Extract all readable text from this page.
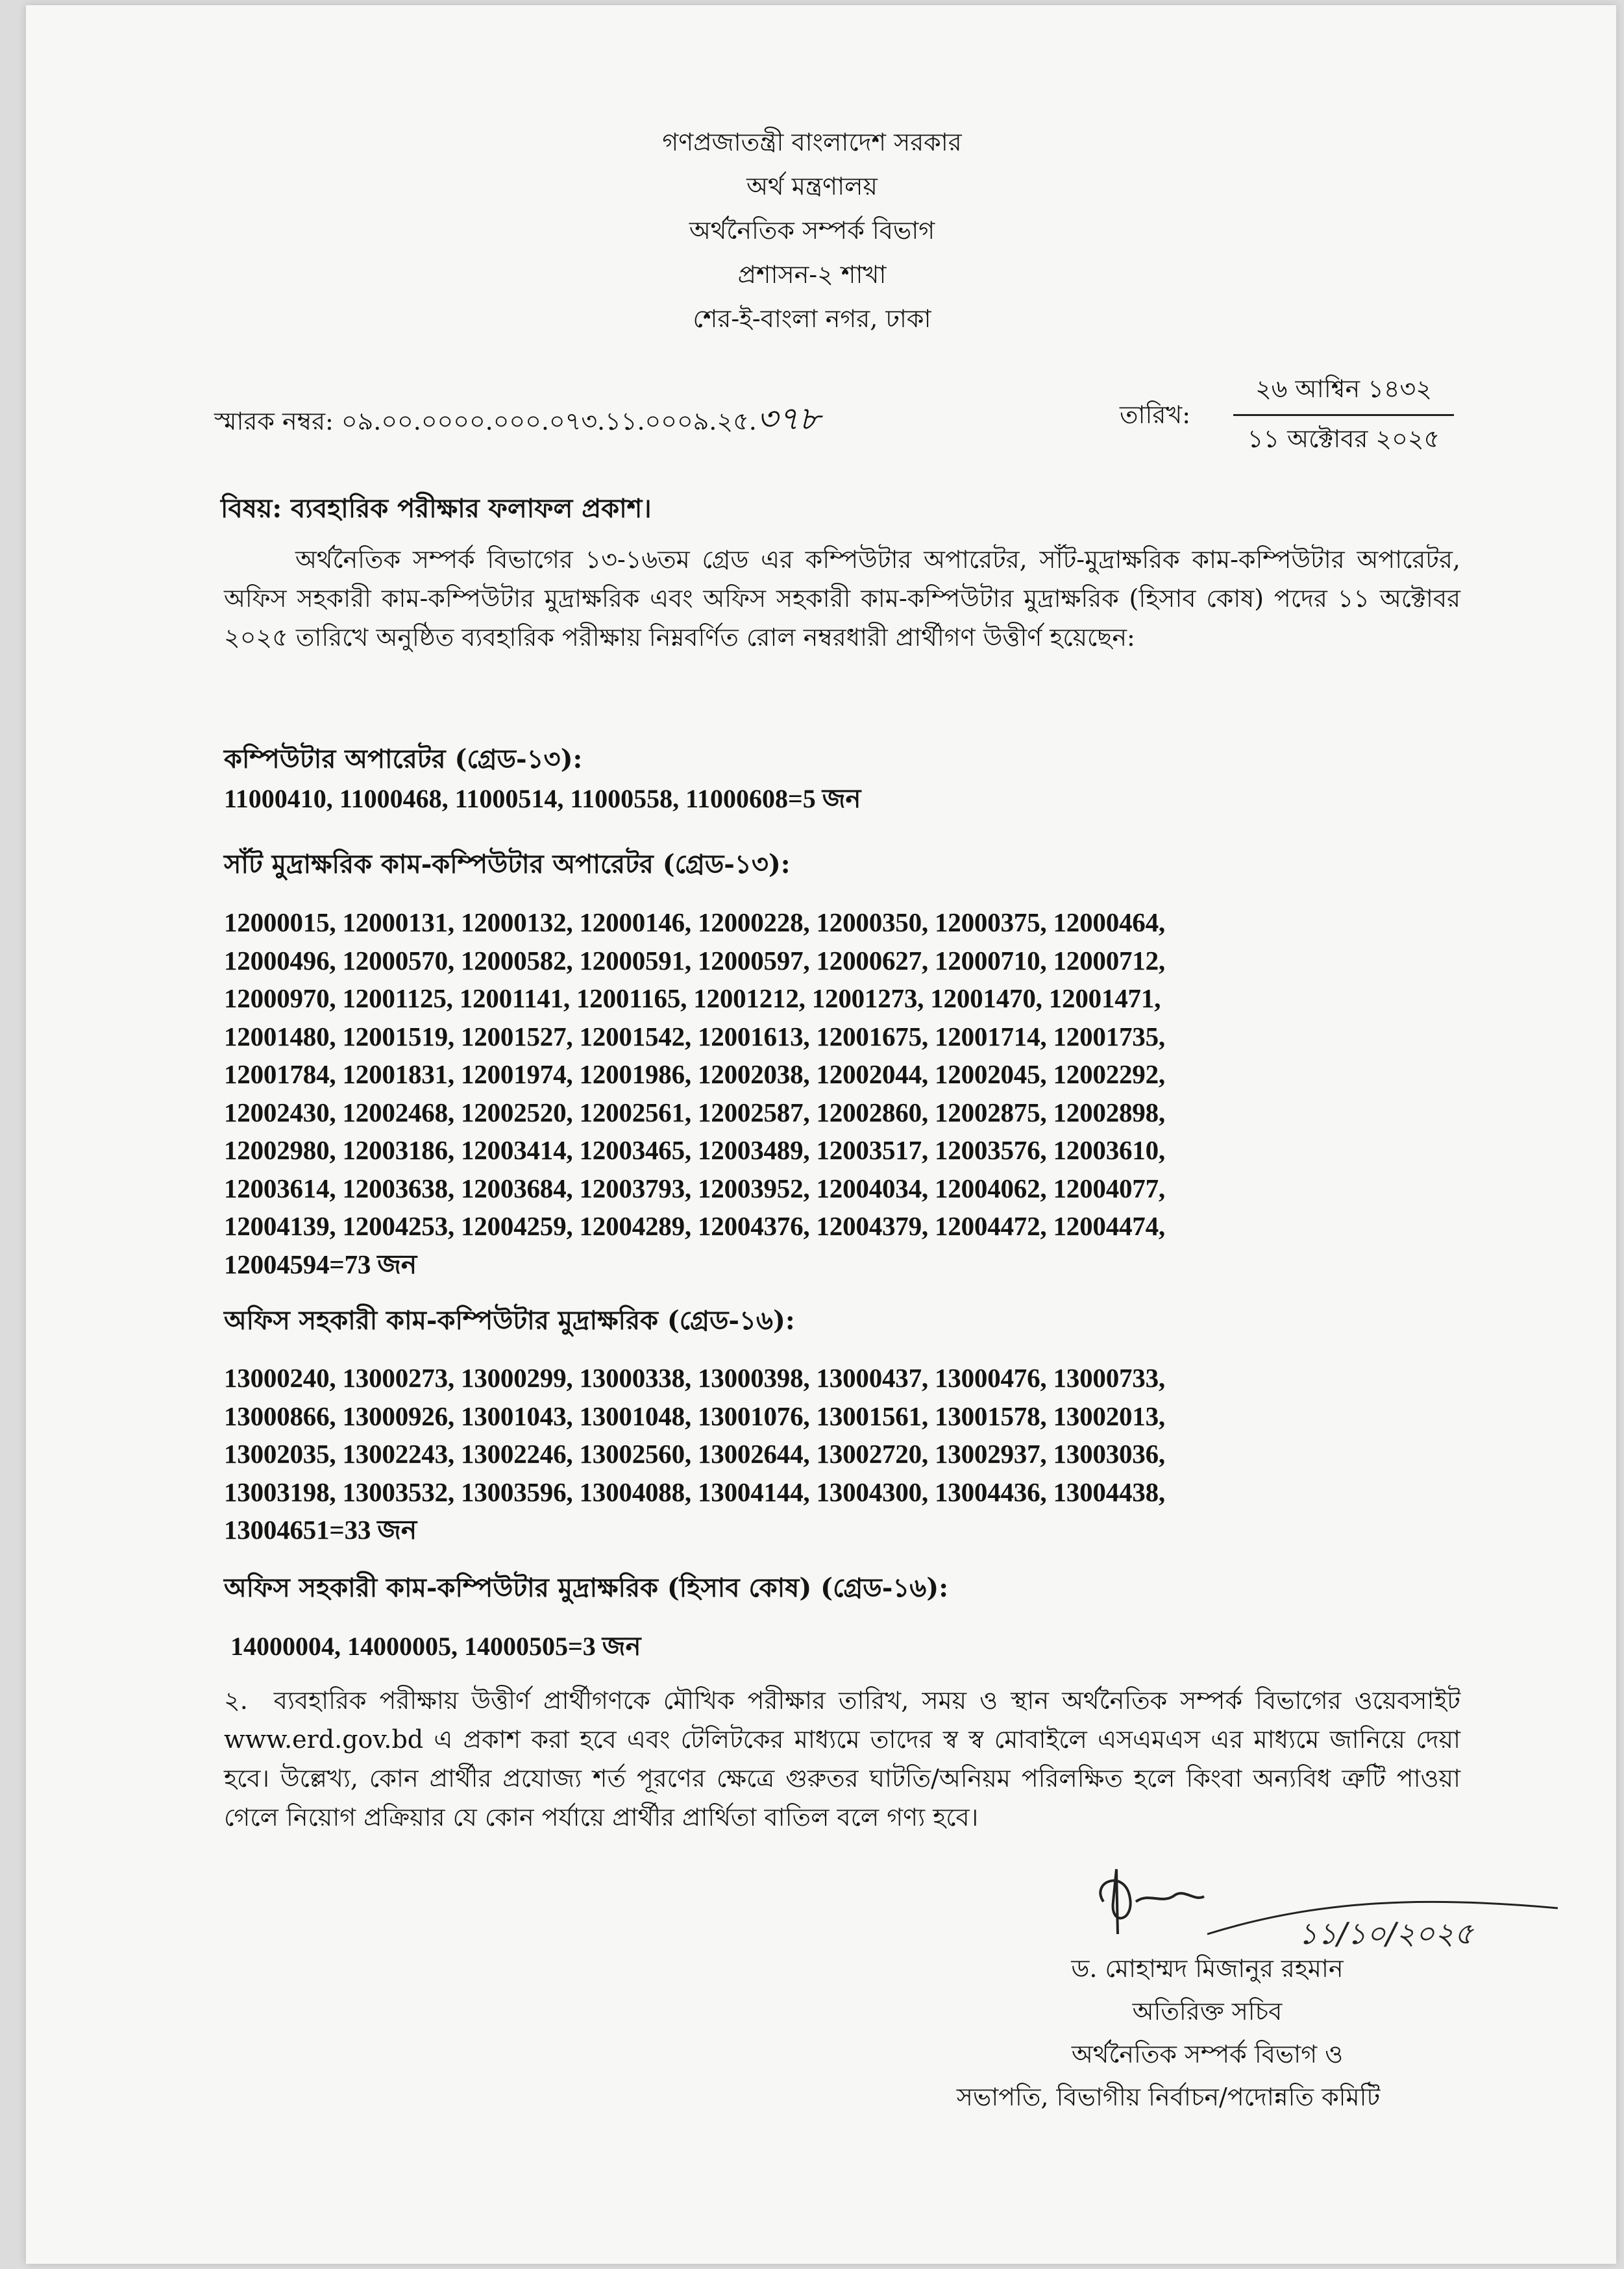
গণপ্রজাতন্ত্রী বাংলাদেশ সরকার
অর্থ মন্ত্রণালয়
অর্থনৈতিক সম্পর্ক বিভাগ
প্রশাসন-২ শাখা
শের-ই-বাংলা নগর, ঢাকা
স্মারক নম্বর: ০৯.০০.০০০০.০০০.০৭৩.১১.০০০৯.২৫.৩৭৮	তারিখ:
২৬ আশ্বিন ১৪৩২
১১ অক্টোবর ২০২৫
বিষয়: ব্যবহারিক পরীক্ষার ফলাফল প্রকাশ।
অর্থনৈতিক সম্পর্ক বিভাগের ১৩-১৬তম গ্রেড এর কম্পিউটার অপারেটর, সাঁট-মুদ্রাক্ষরিক কাম-কম্পিউটার অপারেটর, অফিস সহকারী কাম-কম্পিউটার মুদ্রাক্ষরিক এবং অফিস সহকারী কাম-কম্পিউটার মুদ্রাক্ষরিক (হিসাব কোষ) পদের ১১ অক্টোবর ২০২৫ তারিখে অনুষ্ঠিত ব্যবহারিক পরীক্ষায় নিম্নবর্ণিত রোল নম্বরধারী প্রার্থীগণ উত্তীর্ণ হয়েছেন:
কম্পিউটার অপারেটর (গ্রেড-১৩):
11000410, 11000468, 11000514, 11000558, 11000608=5 জন
সাঁট মুদ্রাক্ষরিক কাম-কম্পিউটার অপারেটর (গ্রেড-১৩):
12000015, 12000131, 12000132, 12000146, 12000228, 12000350, 12000375, 12000464,
12000496, 12000570, 12000582, 12000591, 12000597, 12000627, 12000710, 12000712,
12000970, 12001125, 12001141, 12001165, 12001212, 12001273, 12001470, 12001471,
12001480, 12001519, 12001527, 12001542, 12001613, 12001675, 12001714, 12001735,
12001784, 12001831, 12001974, 12001986, 12002038, 12002044, 12002045, 12002292,
12002430, 12002468, 12002520, 12002561, 12002587, 12002860, 12002875, 12002898,
12002980, 12003186, 12003414, 12003465, 12003489, 12003517, 12003576, 12003610,
12003614, 12003638, 12003684, 12003793, 12003952, 12004034, 12004062, 12004077,
12004139, 12004253, 12004259, 12004289, 12004376, 12004379, 12004472, 12004474,
12004594=73 জন
অফিস সহকারী কাম-কম্পিউটার মুদ্রাক্ষরিক (গ্রেড-১৬):
13000240, 13000273, 13000299, 13000338, 13000398, 13000437, 13000476, 13000733,
13000866, 13000926, 13001043, 13001048, 13001076, 13001561, 13001578, 13002013,
13002035, 13002243, 13002246, 13002560, 13002644, 13002720, 13002937, 13003036,
13003198, 13003532, 13003596, 13004088, 13004144, 13004300, 13004436, 13004438,
13004651=33 জন
অফিস সহকারী কাম-কম্পিউটার মুদ্রাক্ষরিক (হিসাব কোষ) (গ্রেড-১৬):
14000004, 14000005, 14000505=3 জন
২. ব্যবহারিক পরীক্ষায় উত্তীর্ণ প্রার্থীগণকে মৌখিক পরীক্ষার তারিখ, সময় ও স্থান অর্থনৈতিক সম্পর্ক বিভাগের ওয়েবসাইট www.erd.gov.bd এ প্রকাশ করা হবে এবং টেলিটকের মাধ্যমে তাদের স্ব স্ব মোবাইলে এসএমএস এর মাধ্যমে জানিয়ে দেয়া হবে। উল্লেখ্য, কোন প্রার্থীর প্রযোজ্য শর্ত পূরণের ক্ষেত্রে গুরুতর ঘাটতি/অনিয়ম পরিলক্ষিত হলে কিংবা অন্যবিধ ত্রুটি পাওয়া গেলে নিয়োগ প্রক্রিয়ার যে কোন পর্যায়ে প্রার্থীর প্রার্থিতা বাতিল বলে গণ্য হবে।
১১/১০/২০২৫
ড. মোহাম্মদ মিজানুর রহমান
অতিরিক্ত সচিব
অর্থনৈতিক সম্পর্ক বিভাগ ও
সভাপতি, বিভাগীয় নির্বাচন/পদোন্নতি কমিটি
